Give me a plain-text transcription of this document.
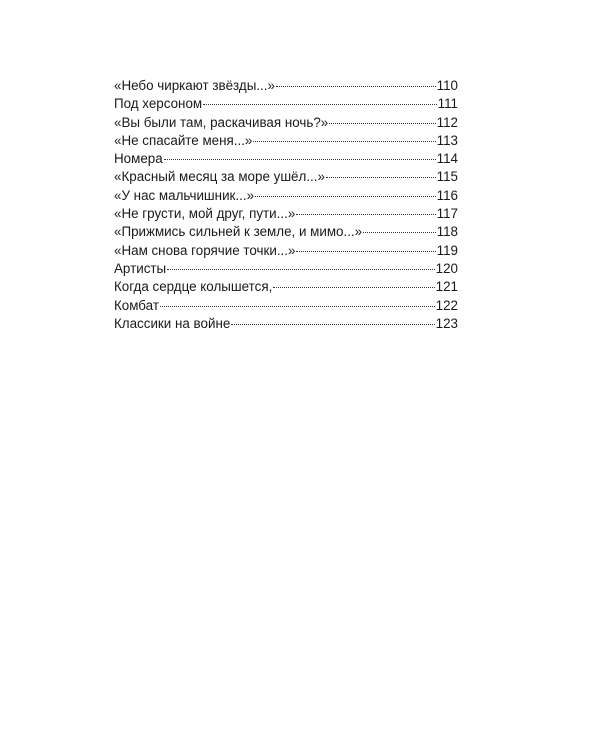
«Небо чиркают звёзды...»	110
Под херсоном	111
«Вы были там, раскачивая ночь?»	112
«Не спасайте меня...»	113
Номера	114
«Красный месяц за море ушёл...»	115
«У нас мальчишник...»	116
«Не грусти, мой друг, пути...»	117
«Прижмись сильней к земле, и мимо...»	118
«Нам снова горячие точки...»	119
Артисты	120
Когда сердце колышется,	121
Комбат	122
Классики на войне	123
